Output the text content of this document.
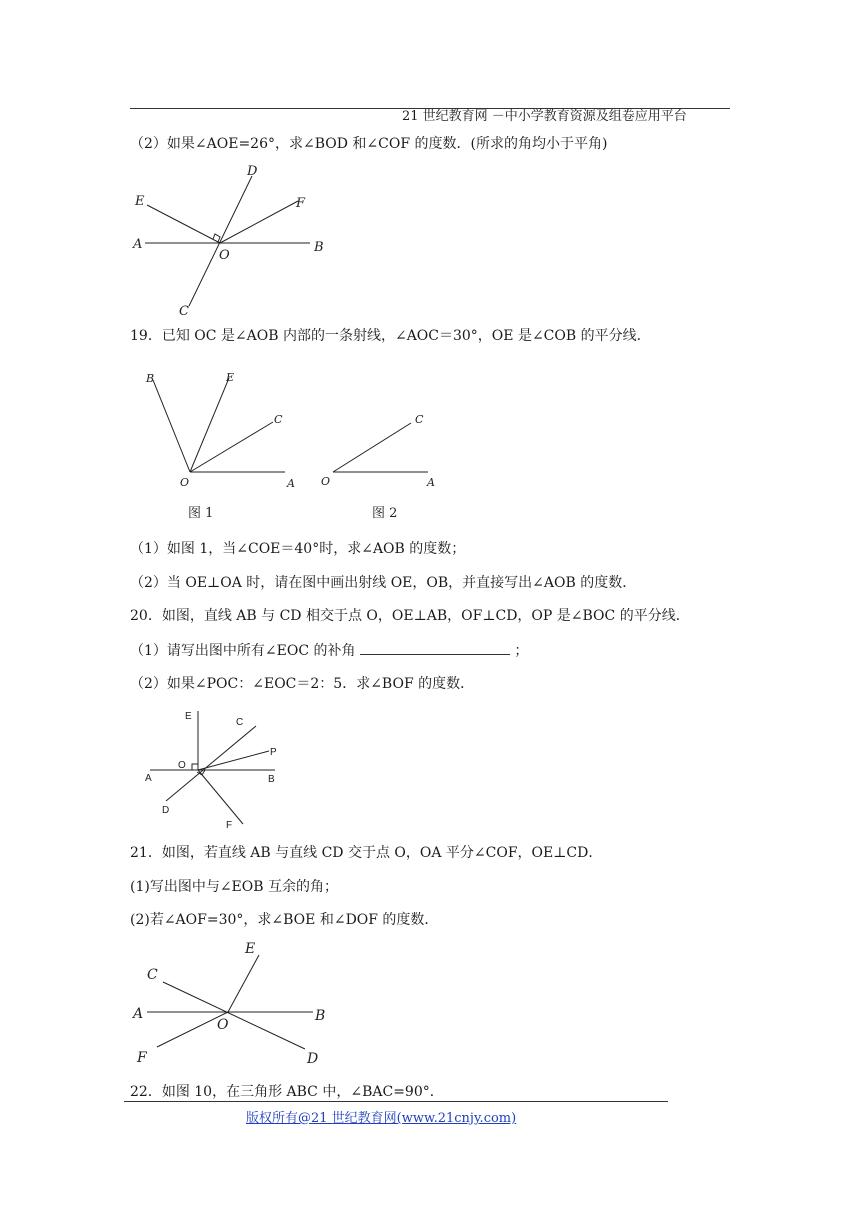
21 世纪教育网 －中小学教育资源及组卷应用平台
（2）如果∠AOE=26°，求∠BOD 和∠COF 的度数．(所求的角均小于平角)
E
D
F
A
O
B
C
19．已知 OC 是∠AOB 内部的一条射线，∠AOC＝30°，OE 是∠COB 的平分线．
B	E
C
O	A
C
O	A
图 1	图 2
（1）如图 1，当∠COE＝40°时，求∠AOB 的度数；
（2）当 OE⊥OA 时，请在图中画出射线 OE，OB，并直接写出∠AOB 的度数．
20．如图，直线 AB 与 CD 相交于点 O，OE⊥AB，OF⊥CD，OP 是∠BOC 的平分线．
（1）请写出图中所有∠EOC 的补角	；
（2）如果∠POC：∠EOC＝2：5．求∠BOF 的度数．
E
C
P
O
A	B
D
F
21．如图，若直线 AB 与直线 CD 交于点 O，OA 平分∠COF，OE⊥CD．
(1)写出图中与∠EOB 互余的角；
(2)若∠AOF=30°，求∠BOE 和∠DOF 的度数．
C
E
A	B
O
F	D
22．如图 10，在三角形 ABC 中，∠BAC=90°．
版权所有@21 世纪教育网(www.21cnjy.com)
